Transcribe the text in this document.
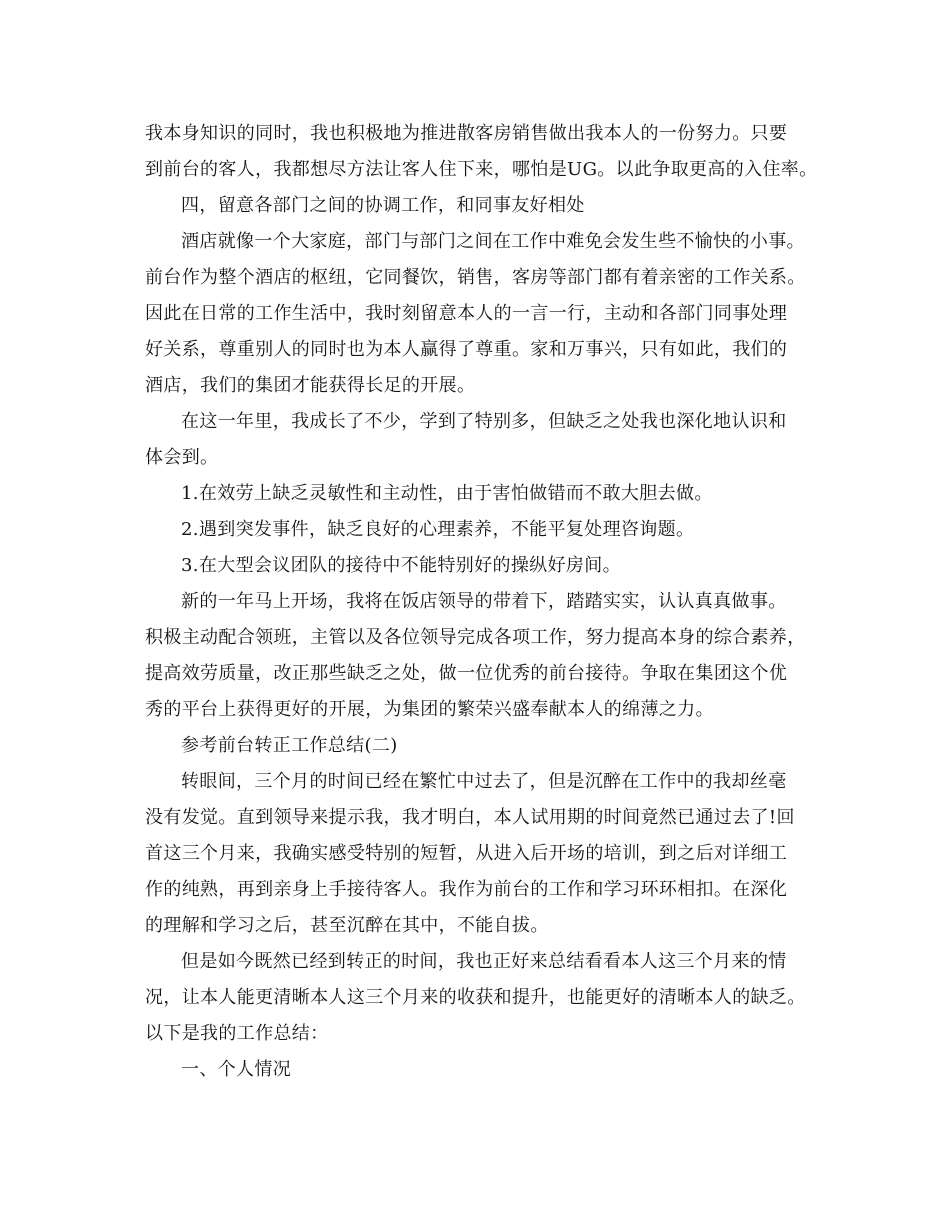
我本身知识的同时，我也积极地为推进散客房销售做出我本人的一份努力。只要
到前台的客人，我都想尽方法让客人住下来，哪怕是UG。以此争取更高的入住率。
四，留意各部门之间的协调工作，和同事友好相处
酒店就像一个大家庭，部门与部门之间在工作中难免会发生些不愉快的小事。
前台作为整个酒店的枢纽，它同餐饮，销售，客房等部门都有着亲密的工作关系。
因此在日常的工作生活中，我时刻留意本人的一言一行，主动和各部门同事处理
好关系，尊重别人的同时也为本人赢得了尊重。家和万事兴，只有如此，我们的
酒店，我们的集团才能获得长足的开展。
在这一年里，我成长了不少，学到了特别多，但缺乏之处我也深化地认识和
体会到。
1.在效劳上缺乏灵敏性和主动性，由于害怕做错而不敢大胆去做。
2.遇到突发事件，缺乏良好的心理素养，不能平复处理咨询题。
3.在大型会议团队的接待中不能特别好的操纵好房间。
新的一年马上开场，我将在饭店领导的带着下，踏踏实实，认认真真做事。
积极主动配合领班，主管以及各位领导完成各项工作，努力提高本身的综合素养，
提高效劳质量，改正那些缺乏之处，做一位优秀的前台接待。争取在集团这个优
秀的平台上获得更好的开展，为集团的繁荣兴盛奉献本人的绵薄之力。
参考前台转正工作总结(二)
转眼间，三个月的时间已经在繁忙中过去了，但是沉醉在工作中的我却丝毫
没有发觉。直到领导来提示我，我才明白，本人试用期的时间竟然已通过去了!回
首这三个月来，我确实感受特别的短暂，从进入后开场的培训，到之后对详细工
作的纯熟，再到亲身上手接待客人。我作为前台的工作和学习环环相扣。在深化
的理解和学习之后，甚至沉醉在其中，不能自拔。
但是如今既然已经到转正的时间，我也正好来总结看看本人这三个月来的情
况，让本人能更清晰本人这三个月来的收获和提升，也能更好的清晰本人的缺乏。
以下是我的工作总结：
一、个人情况
